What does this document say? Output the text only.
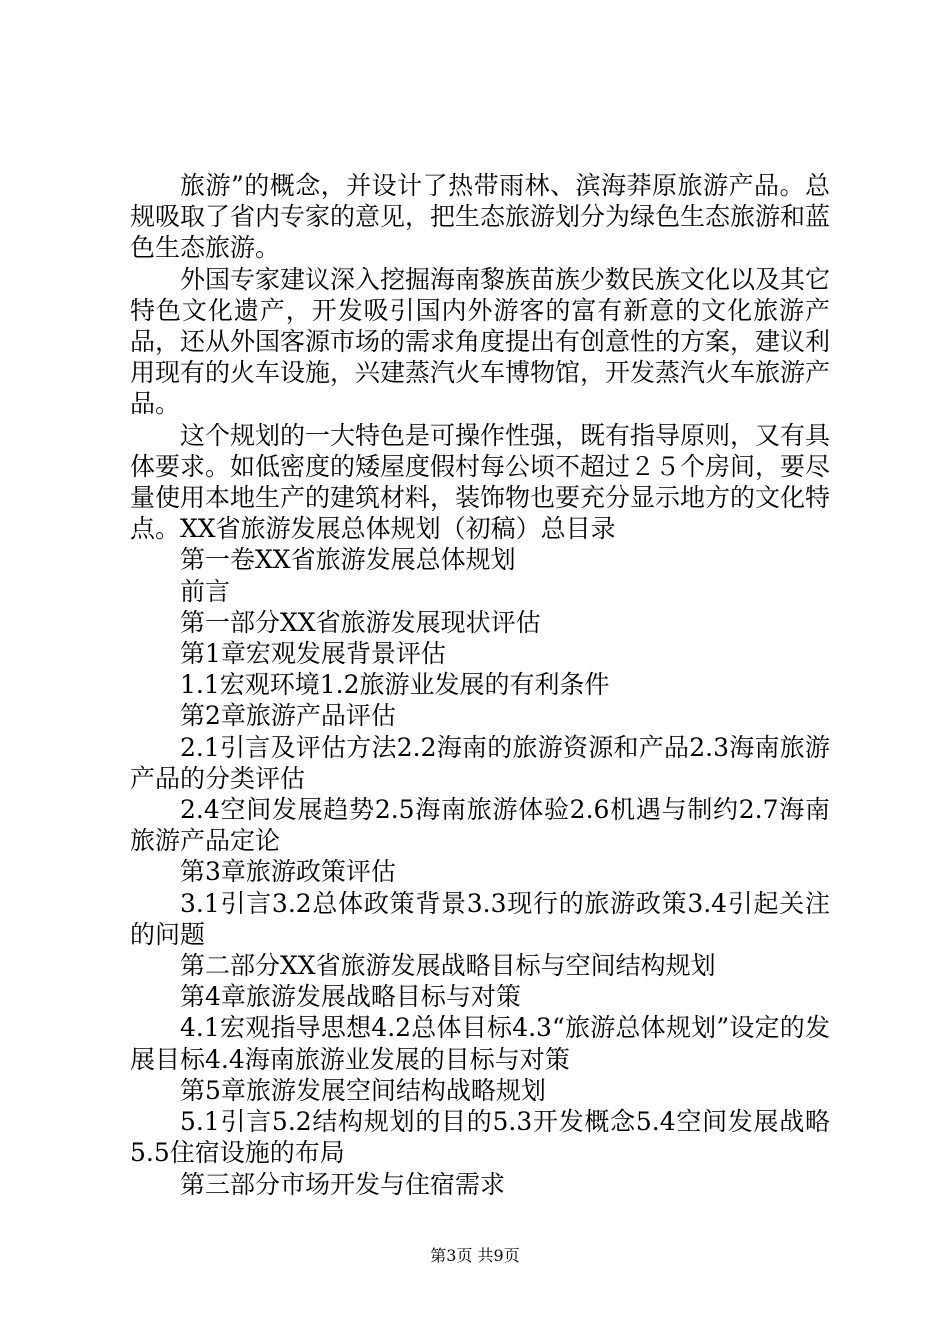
旅游”的概念，并设计了热带雨林、滨海莽原旅游产品。总规吸取了省内专家的意见，把生态旅游划分为绿色生态旅游和蓝色生态旅游。

外国专家建议深入挖掘海南黎族苗族少数民族文化以及其它特色文化遗产，开发吸引国内外游客的富有新意的文化旅游产品，还从外国客源市场的需求角度提出有创意性的方案，建议利用现有的火车设施，兴建蒸汽火车博物馆，开发蒸汽火车旅游产品。

这个规划的一大特色是可操作性强，既有指导原则，又有具体要求。如低密度的矮屋度假村每公顷不超过２５个房间，要尽量使用本地生产的建筑材料，装饰物也要充分显示地方的文化特点。XX省旅游发展总体规划（初稿）总目录

第一卷XX省旅游发展总体规划

前言

第一部分XX省旅游发展现状评估

第1章宏观发展背景评估

1.1宏观环境1.2旅游业发展的有利条件

第2章旅游产品评估

2.1引言及评估方法2.2海南的旅游资源和产品2.3海南旅游产品的分类评估

2.4空间发展趋势2.5海南旅游体验2.6机遇与制约2.7海南旅游产品定论

第3章旅游政策评估

3.1引言3.2总体政策背景3.3现行的旅游政策3.4引起关注的问题

第二部分XX省旅游发展战略目标与空间结构规划

第4章旅游发展战略目标与对策

4.1宏观指导思想4.2总体目标4.3“旅游总体规划”设定的发展目标4.4海南旅游业发展的目标与对策

第5章旅游发展空间结构战略规划

5.1引言5.2结构规划的目的5.3开发概念5.4空间发展战略5.5住宿设施的布局

第三部分市场开发与住宿需求

第3页 共9页
